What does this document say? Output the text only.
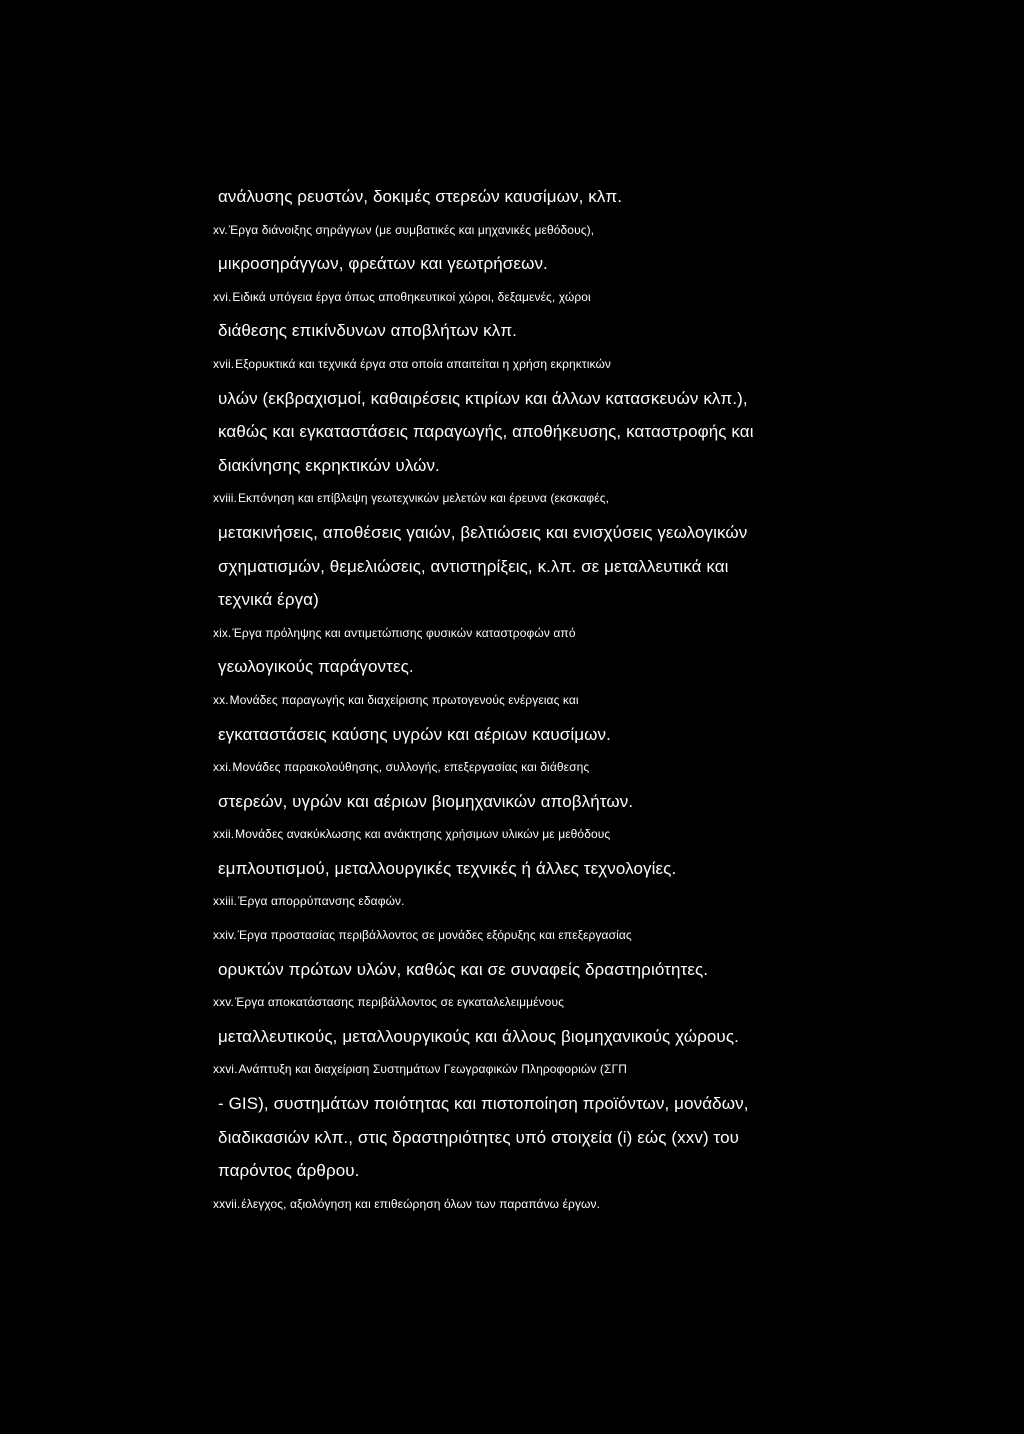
ανάλυσης ρευστών, δοκιμές στερεών καυσίμων, κλπ.
xv.Έργα διάνοιξης σηράγγων (με συμβατικές και μηχανικές μεθόδους),
μικροσηράγγων, φρεάτων και γεωτρήσεων.
xvi.Ειδικά υπόγεια έργα όπως αποθηκευτικοί χώροι, δεξαμενές, χώροι
διάθεσης επικίνδυνων αποβλήτων κλπ.
xvii.Εξορυκτικά και τεχνικά έργα στα οποία απαιτείται η χρήση εκρηκτικών
υλών (εκβραχισμοί, καθαιρέσεις κτιρίων και άλλων κατασκευών κλπ.),
καθώς και εγκαταστάσεις παραγωγής, αποθήκευσης, καταστροφής και
διακίνησης εκρηκτικών υλών.
xviii.Εκπόνηση και επίβλεψη γεωτεχνικών μελετών και έρευνα (εκσκαφές,
μετακινήσεις, αποθέσεις γαιών, βελτιώσεις και ενισχύσεις γεωλογικών
σχηματισμών, θεμελιώσεις, αντιστηρίξεις, κ.λπ. σε μεταλλευτικά και
τεχνικά έργα)
xix.Έργα πρόληψης και αντιμετώπισης φυσικών καταστροφών από
γεωλογικούς παράγοντες.
xx.Μονάδες παραγωγής και διαχείρισης πρωτογενούς ενέργειας και
εγκαταστάσεις καύσης υγρών και αέριων καυσίμων.
xxi.Μονάδες παρακολούθησης, συλλογής, επεξεργασίας και διάθεσης
στερεών, υγρών και αέριων βιομηχανικών αποβλήτων.
xxii.Μονάδες ανακύκλωσης και ανάκτησης χρήσιμων υλικών με μεθόδους
εμπλουτισμού, μεταλλουργικές τεχνικές ή άλλες τεχνολογίες.
xxiii.Έργα απορρύπανσης εδαφών.
xxiv.Έργα προστασίας περιβάλλοντος σε μονάδες εξόρυξης και επεξεργασίας
ορυκτών πρώτων υλών, καθώς και σε συναφείς δραστηριότητες.
xxv.Έργα αποκατάστασης περιβάλλοντος σε εγκαταλελειμμένους
μεταλλευτικούς, μεταλλουργικούς και άλλους βιομηχανικούς χώρους.
xxvi.Ανάπτυξη και διαχείριση Συστημάτων Γεωγραφικών Πληροφοριών (ΣΓΠ
- GIS), συστημάτων ποιότητας και πιστοποίηση προϊόντων, μονάδων,
διαδικασιών κλπ., στις δραστηριότητες υπό στοιχεία (i) εώς (xxv) του
παρόντος άρθρου.
xxvii.έλεγχος, αξιολόγηση και επιθεώρηση όλων των παραπάνω έργων.
